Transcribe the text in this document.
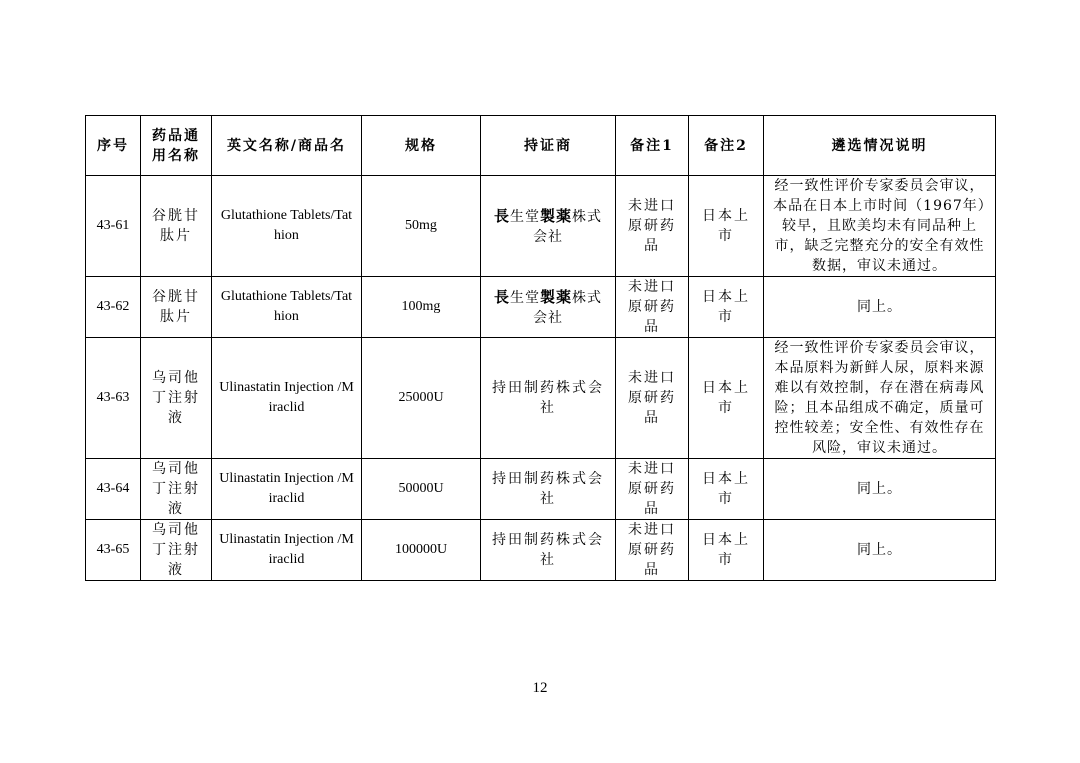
序号	药品通用名称	英文名称/商品名	规格	持证商	备注1	备注2	遴选情况说明
43-61	谷胱甘肽片	Glutathione Tablets/Tathion	50mg	長生堂製薬株式会社	未进口原研药品	日本上市	经一致性评价专家委员会审议，本品在日本上市时间（1967年）较早，且欧美均未有同品种上市，缺乏完整充分的安全有效性数据，审议未通过。
43-62	谷胱甘肽片	Glutathione Tablets/Tathion	100mg	長生堂製薬株式会社	未进口原研药品	日本上市	同上。
43-63	乌司他丁注射液	Ulinastatin Injection /Miraclid	25000U	持田制药株式会社	未进口原研药品	日本上市	经一致性评价专家委员会审议，本品原料为新鲜人尿，原料来源难以有效控制，存在潜在病毒风险；且本品组成不确定，质量可控性较差；安全性、有效性存在风险，审议未通过。
43-64	乌司他丁注射液	Ulinastatin Injection /Miraclid	50000U	持田制药株式会社	未进口原研药品	日本上市	同上。
43-65	乌司他丁注射液	Ulinastatin Injection /Miraclid	100000U	持田制药株式会社	未进口原研药品	日本上市	同上。
12
